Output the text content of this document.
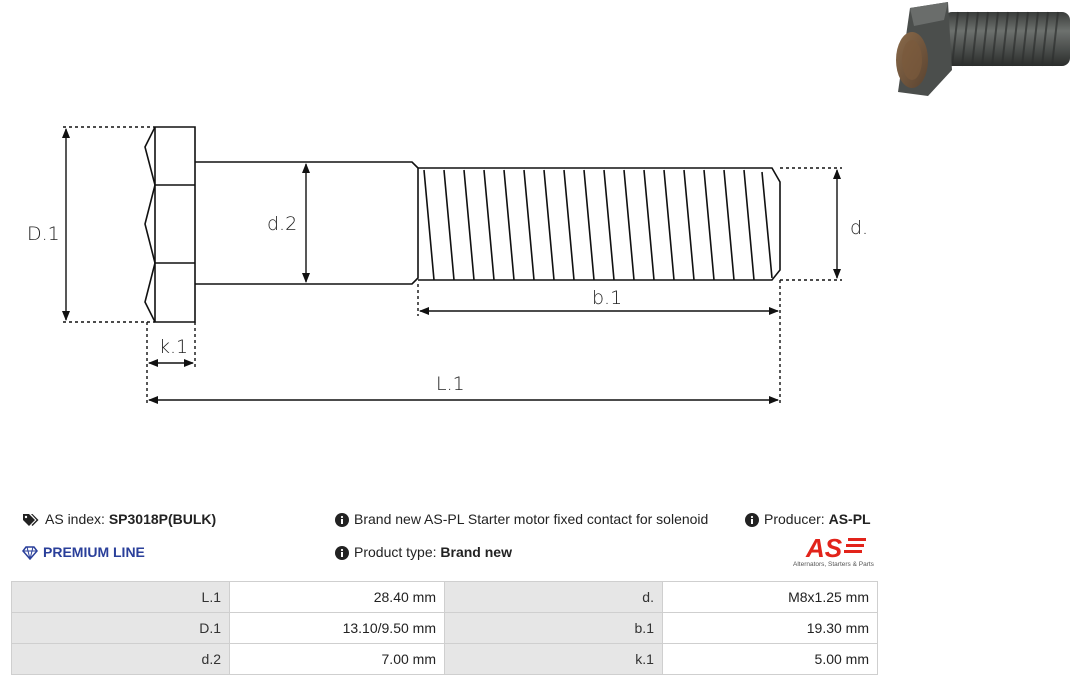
D.1	d.2	d.
b.1
k.1
L.1
AS index: SP3018P(BULK)	Brand new AS-PL Starter motor fixed contact for solenoid	Producer: AS-PL
PREMIUM LINE	Product type: Brand new	AS
Alternators, Starters & Parts
L.1	28.40 mm	d.	M8x1.25 mm
D.1	13.10/9.50 mm	b.1	19.30 mm
d.2	7.00 mm	k.1	5.00 mm
